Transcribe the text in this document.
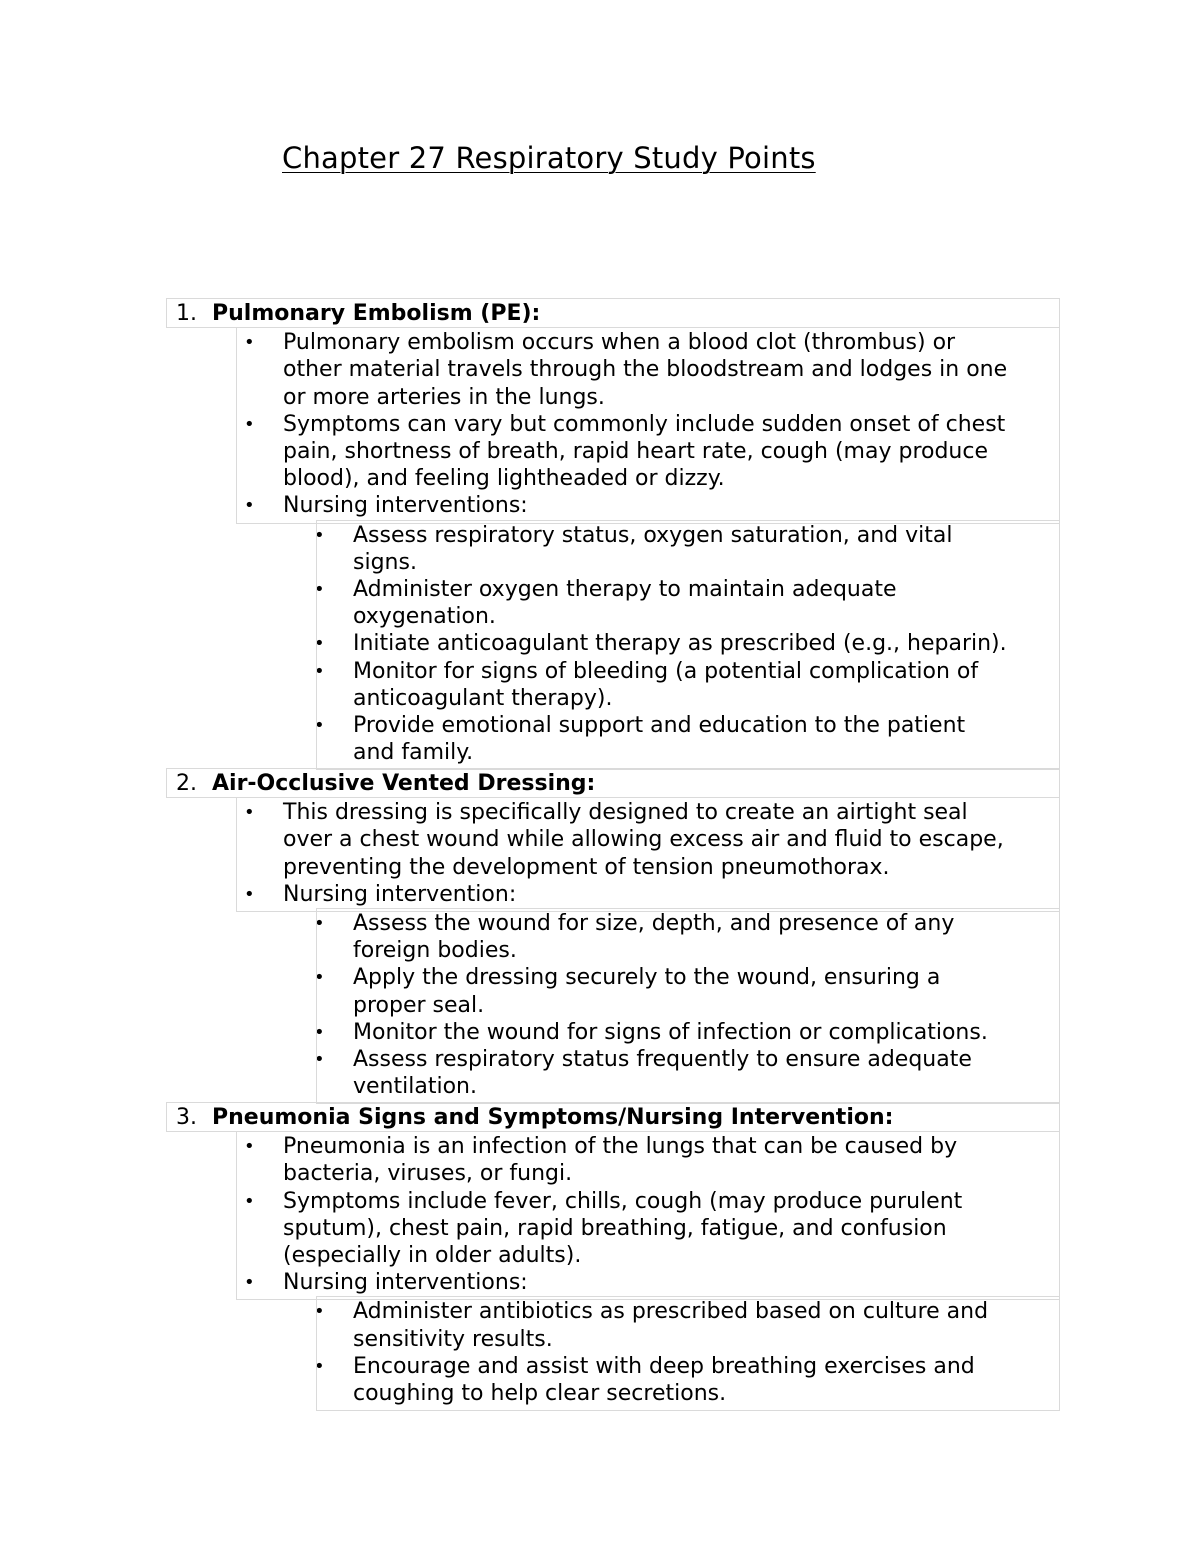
Chapter 27 Respiratory Study Points
1. Pulmonary Embolism (PE):
• Pulmonary embolism occurs when a blood clot (thrombus) or
other material travels through the bloodstream and lodges in one
or more arteries in the lungs.
• Symptoms can vary but commonly include sudden onset of chest
pain, shortness of breath, rapid heart rate, cough (may produce
blood), and feeling lightheaded or dizzy.
• Nursing interventions:
• Assess respiratory status, oxygen saturation, and vital
signs.
• Administer oxygen therapy to maintain adequate
oxygenation.
• Initiate anticoagulant therapy as prescribed (e.g., heparin).
• Monitor for signs of bleeding (a potential complication of
anticoagulant therapy).
• Provide emotional support and education to the patient
and family.
2. Air-Occlusive Vented Dressing:
• This dressing is specifically designed to create an airtight seal
over a chest wound while allowing excess air and fluid to escape,
preventing the development of tension pneumothorax.
• Nursing intervention:
• Assess the wound for size, depth, and presence of any
foreign bodies.
• Apply the dressing securely to the wound, ensuring a
proper seal.
• Monitor the wound for signs of infection or complications.
• Assess respiratory status frequently to ensure adequate
ventilation.
3. Pneumonia Signs and Symptoms/Nursing Intervention:
• Pneumonia is an infection of the lungs that can be caused by
bacteria, viruses, or fungi.
• Symptoms include fever, chills, cough (may produce purulent
sputum), chest pain, rapid breathing, fatigue, and confusion
(especially in older adults).
• Nursing interventions:
• Administer antibiotics as prescribed based on culture and
sensitivity results.
• Encourage and assist with deep breathing exercises and
coughing to help clear secretions.
